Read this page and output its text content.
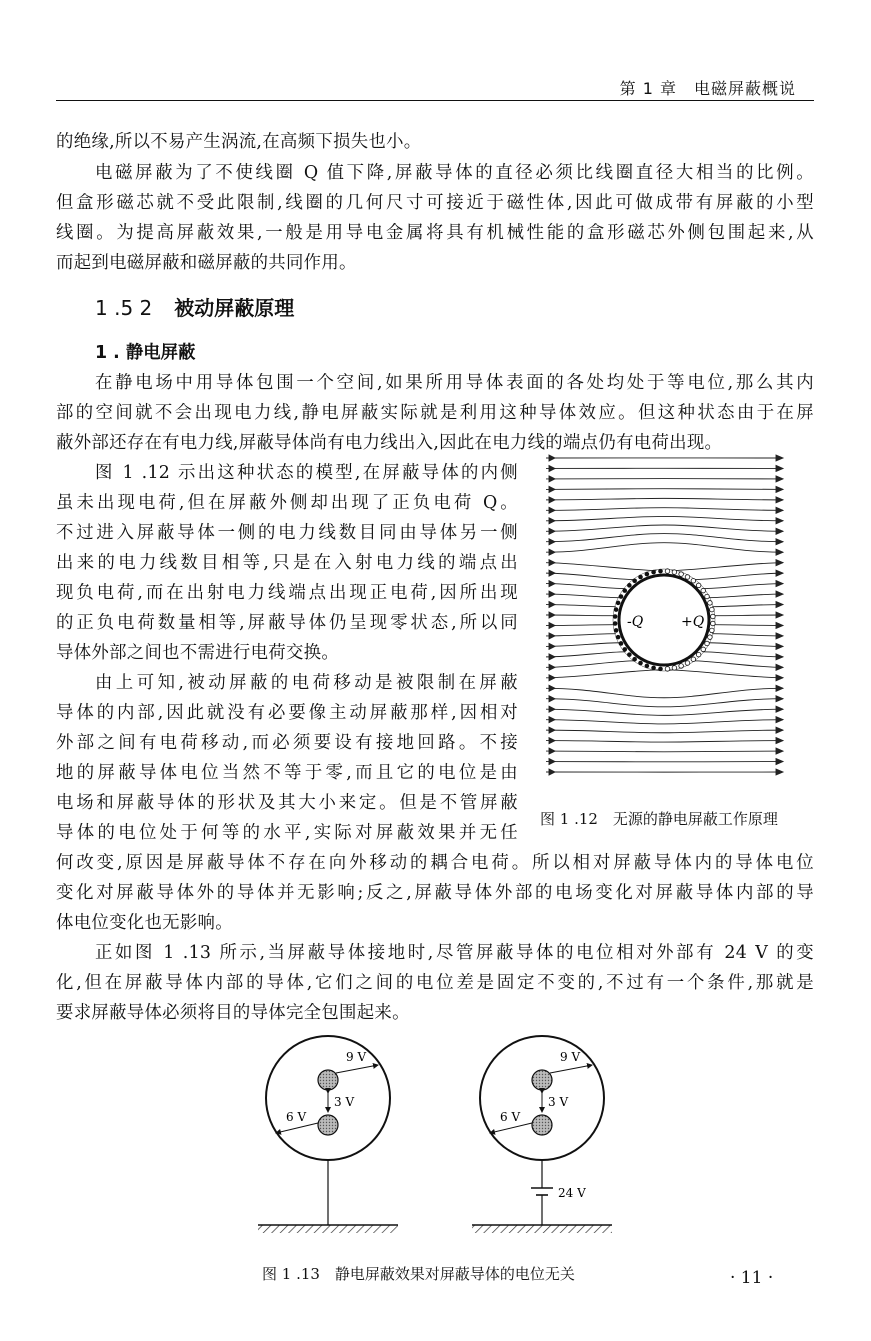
第 1 章　电磁屏蔽概说
的绝缘,所以不易产生涡流,在高频下损失也小。
电磁屏蔽为了不使线圈 Q 值下降,屏蔽导体的直径必须比线圈直径大相当的比例。
但盒形磁芯就不受此限制,线圈的几何尺寸可接近于磁性体,因此可做成带有屏蔽的小型
线圈。为提高屏蔽效果,一般是用导电金属将具有机械性能的盒形磁芯外侧包围起来,从
而起到电磁屏蔽和磁屏蔽的共同作用。
1 .5 2 被动屏蔽原理
1 . 静电屏蔽
在静电场中用导体包围一个空间,如果所用导体表面的各处均处于等电位,那么其内
部的空间就不会出现电力线,静电屏蔽实际就是利用这种导体效应。但这种状态由于在屏
蔽外部还存在有电力线,屏蔽导体尚有电力线出入,因此在电力线的端点仍有电荷出现。
图 1 .12 示出这种状态的模型,在屏蔽导体的内侧
虽未出现电荷,但在屏蔽外侧却出现了正负电荷 Q。
不过进入屏蔽导体一侧的电力线数目同由导体另一侧
出来的电力线数目相等,只是在入射电力线的端点出
现负电荷,而在出射电力线端点出现正电荷,因所出现
的正负电荷数量相等,屏蔽导体仍呈现零状态,所以同
导体外部之间也不需进行电荷交换。
由上可知,被动屏蔽的电荷移动是被限制在屏蔽
导体的内部,因此就没有必要像主动屏蔽那样,因相对
外部之间有电荷移动,而必须要设有接地回路。不接
地的屏蔽导体电位当然不等于零,而且它的电位是由
电场和屏蔽导体的形状及其大小来定。但是不管屏蔽
导体的电位处于何等的水平,实际对屏蔽效果并无任
何改变,原因是屏蔽导体不存在向外移动的耦合电荷。所以相对屏蔽导体内的导体电位
变化对屏蔽导体外的导体并无影响;反之,屏蔽导体外部的电场变化对屏蔽导体内部的导
体电位变化也无影响。
正如图 1 .13 所示,当屏蔽导体接地时,尽管屏蔽导体的电位相对外部有 24 V 的变
化,但在屏蔽导体内部的导体,它们之间的电位差是固定不变的,不过有一个条件,那就是
要求屏蔽导体必须将目的导体完全包围起来。
-Q	+Q
图 1 .12　无源的静电屏蔽工作原理
9 V
3 V
6 V
9 V
3 V
6 V
24 V
图 1 .13　静电屏蔽效果对屏蔽导体的电位无关	· 11 ·
